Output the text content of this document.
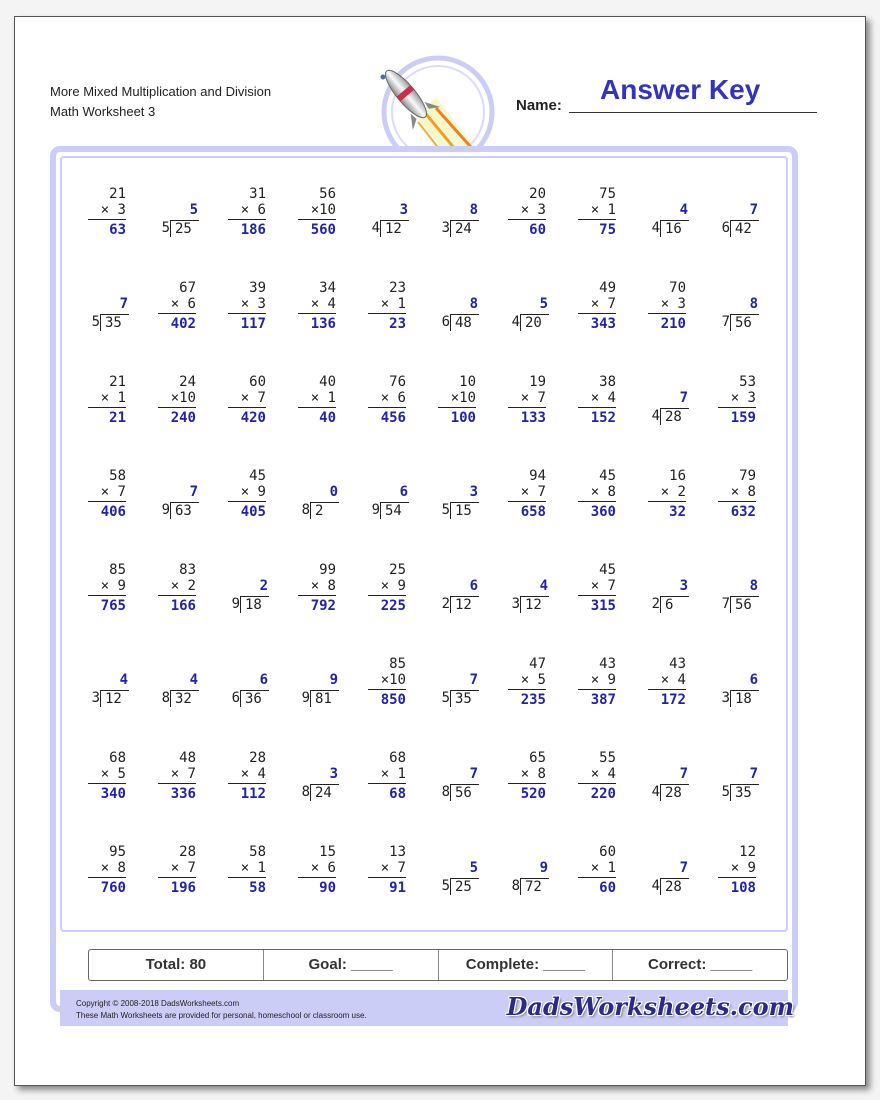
More Mixed Multiplication and Division
Math Worksheet 3	Name:
Answer Key
21
× 3
63
5
5 25
31
× 6
186
56
×10
560
3
4 12
8
3 24
20
× 3
60
75
× 1
75
4
4 16
7
6 42
7
5 35
67
× 6
402
39
× 3
117
34
× 4
136
23
× 1
23
8
6 48
5
4 20
49
× 7
343
70
× 3
210
8
7 56
21
× 1
21
24
×10
240
60
× 7
420
40
× 1
40
76
× 6
456
10
×10
100
19
× 7
133
38
× 4
152
7
4 28
53
× 3
159
58
× 7
406
7
9 63
45
× 9
405
0
8 2
6
9 54
3
5 15
94
× 7
658
45
× 8
360
16
× 2
32
79
× 8
632
85
× 9
765
83
× 2
166
2
9 18
99
× 8
792
25
× 9
225
6
2 12
4
3 12
45
× 7
315
3
2 6
8
7 56
4
3 12
4
8 32
6
6 36
9
9 81
85
×10
850
7
5 35
47
× 5
235
43
× 9
387
43
× 4
172
6
3 18
68
× 5
340
48
× 7
336
28
× 4
112
3
8 24
68
× 1
68
7
8 56
65
× 8
520
55
× 4
220
7
4 28
7
5 35
95
× 8
760
28
× 7
196
58
× 1
58
15
× 6
90
13
× 7
91
5
5 25
9
8 72
60
× 1
60
7
4 28
12
× 9
108
Total: 80	Goal: _____	Complete: _____	Correct: _____
Copyright © 2008-2018 DadsWorksheets.com
These Math Worksheets are provided for personal, homeschool or classroom use.	DadsWorksheets.com
